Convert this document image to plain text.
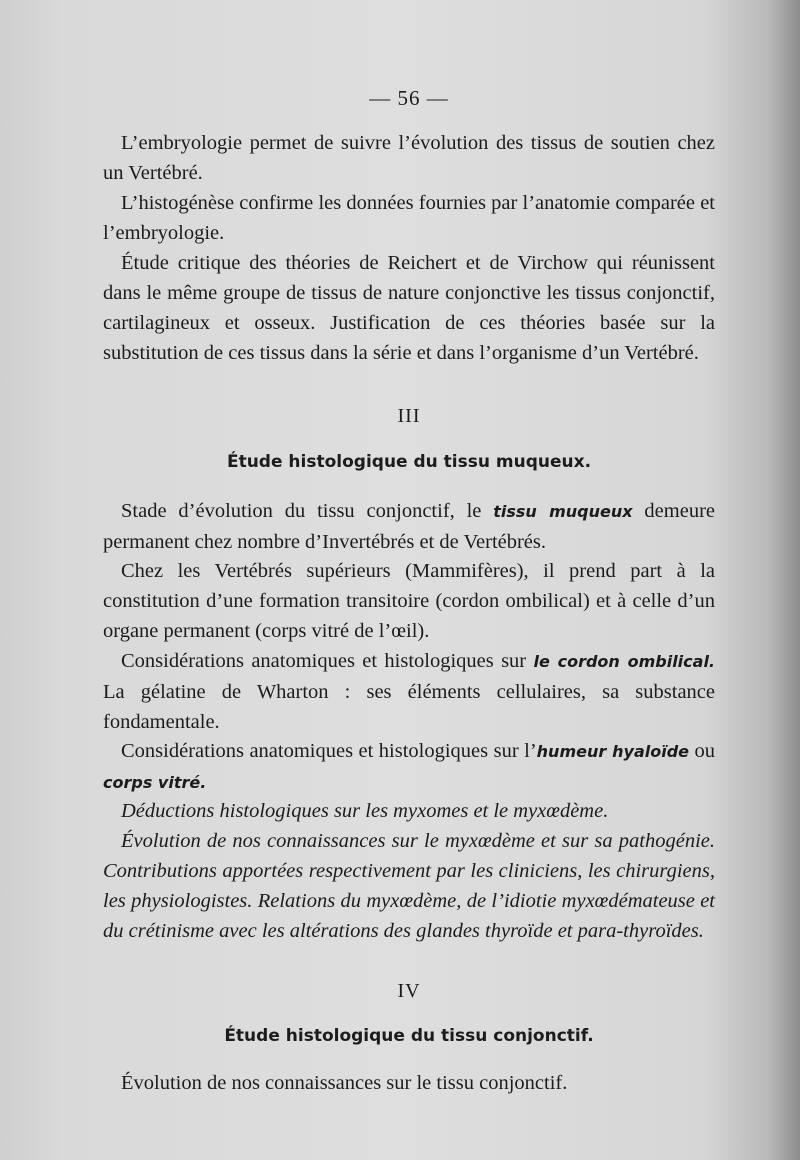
— 56 —

L’embryologie permet de suivre l’évolution des tissus de soutien chez un Vertébré.

L’histogénèse confirme les données fournies par l’anatomie comparée et l’embryologie.

Étude critique des théories de Reichert et de Virchow qui réunissent dans le même groupe de tissus de nature conjonctive les tissus conjonctif, cartilagineux et osseux. Justification de ces théories basée sur la substitution de ces tissus dans la série et dans l’organisme d’un Vertébré.

III
Étude histologique du tissu muqueux.

Stade d’évolution du tissu conjonctif, le tissu muqueux demeure permanent chez nombre d’Invertébrés et de Vertébrés.

Chez les Vertébrés supérieurs (Mammifères), il prend part à la constitution d’une formation transitoire (cordon ombilical) et à celle d’un organe permanent (corps vitré de l’œil).

Considérations anatomiques et histologiques sur le cordon ombilical. La gélatine de Wharton : ses éléments cellulaires, sa substance fondamentale.

Considérations anatomiques et histologiques sur l’humeur hyaloïde ou corps vitré.

Déductions histologiques sur les myxomes et le myxœdème.

Évolution de nos connaissances sur le myxœdème et sur sa pathogénie. Contributions apportées respectivement par les cliniciens, les chirurgiens, les physiologistes. Relations du myxœdème, de l’idiotie myxœdémateuse et du crétinisme avec les altérations des glandes thyroïde et para-thyroïdes.

IV
Étude histologique du tissu conjonctif.

Évolution de nos connaissances sur le tissu conjonctif.
